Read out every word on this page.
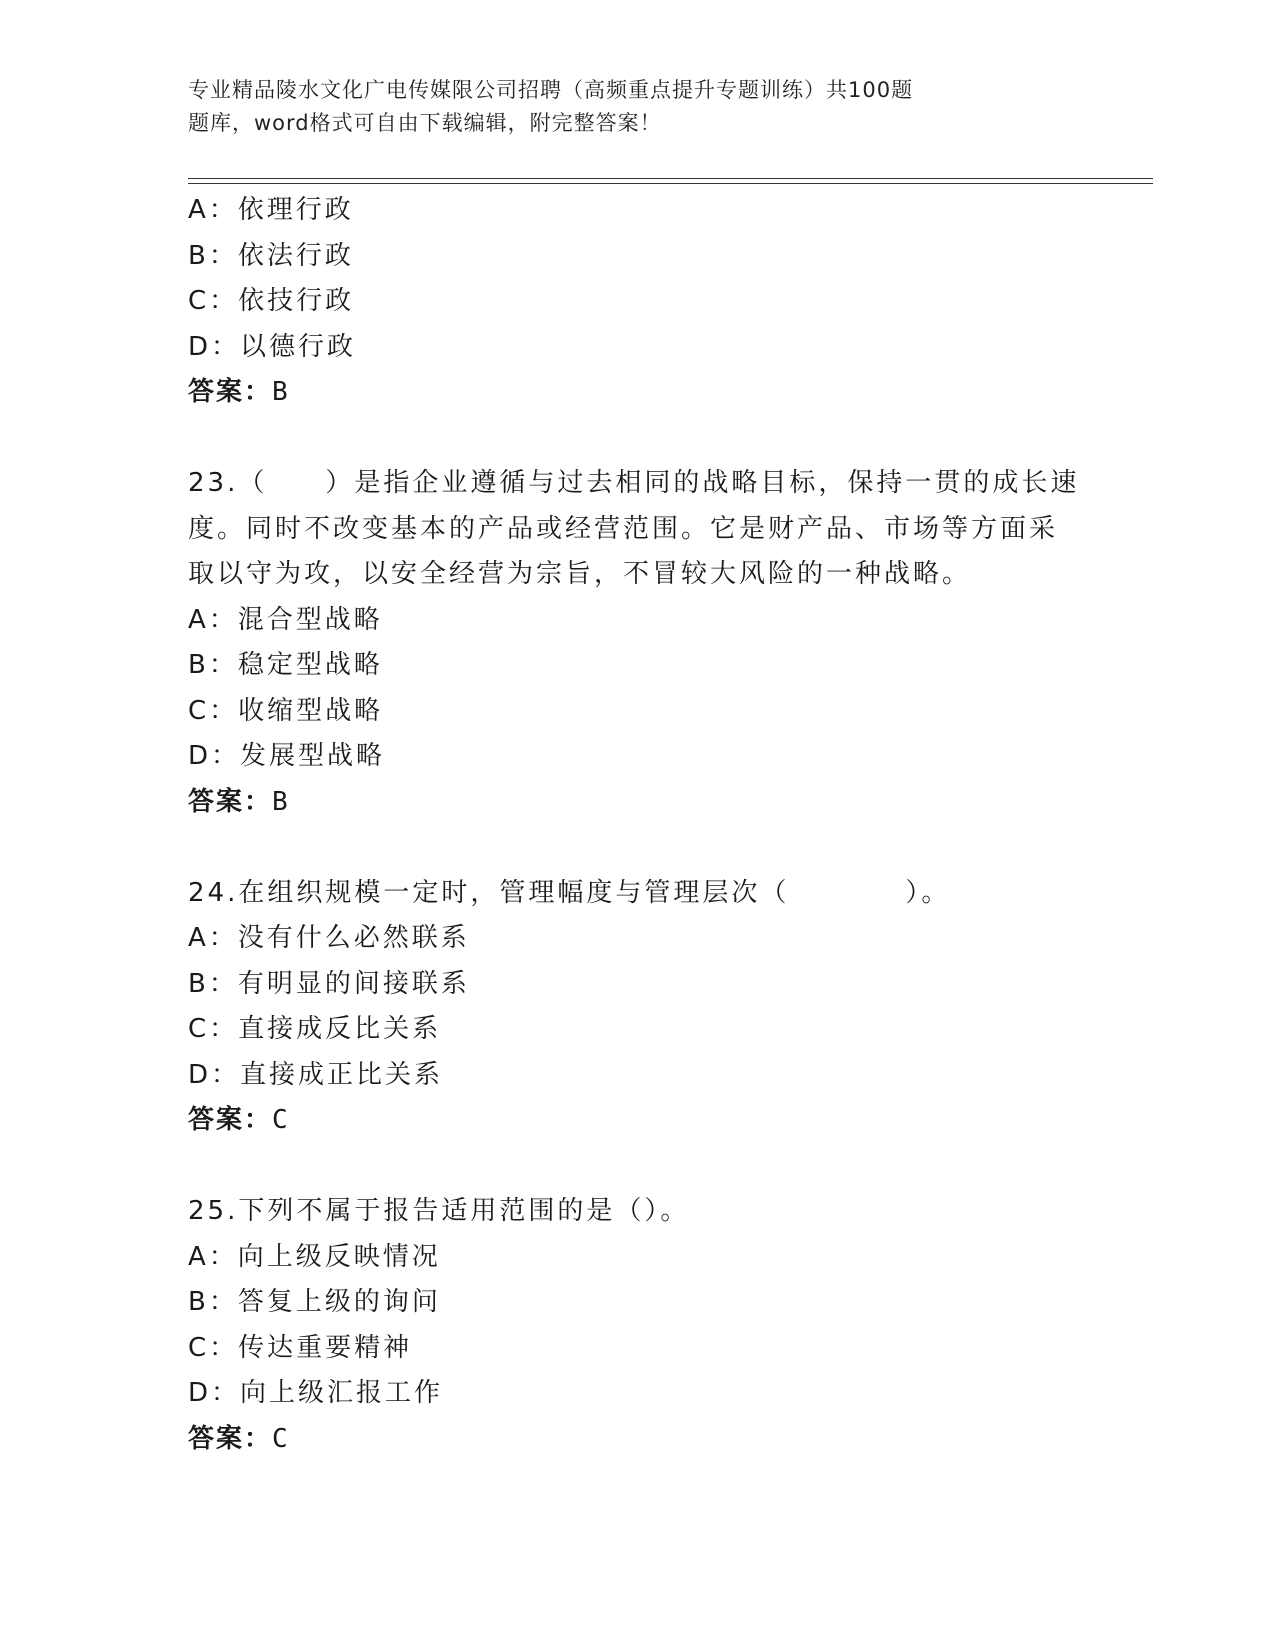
专业精品陵水文化广电传媒限公司招聘（高频重点提升专题训练）共100题
题库，word格式可自由下载编辑，附完整答案！
A：依理行政
B：依法行政
C：依技行政
D：以德行政
答案：B
23.（　　）是指企业遵循与过去相同的战略目标，保持一贯的成长速
度。同时不改变基本的产品或经营范围。它是财产品、市场等方面采
取以守为攻，以安全经营为宗旨，不冒较大风险的一种战略。
A：混合型战略
B：稳定型战略
C：收缩型战略
D：发展型战略
答案：B
24.在组织规模一定时，管理幅度与管理层次（　　　　）。
A：没有什么必然联系
B：有明显的间接联系
C：直接成反比关系
D：直接成正比关系
答案：C
25.下列不属于报告适用范围的是（）。
A：向上级反映情况
B：答复上级的询问
C：传达重要精神
D：向上级汇报工作
答案：C
